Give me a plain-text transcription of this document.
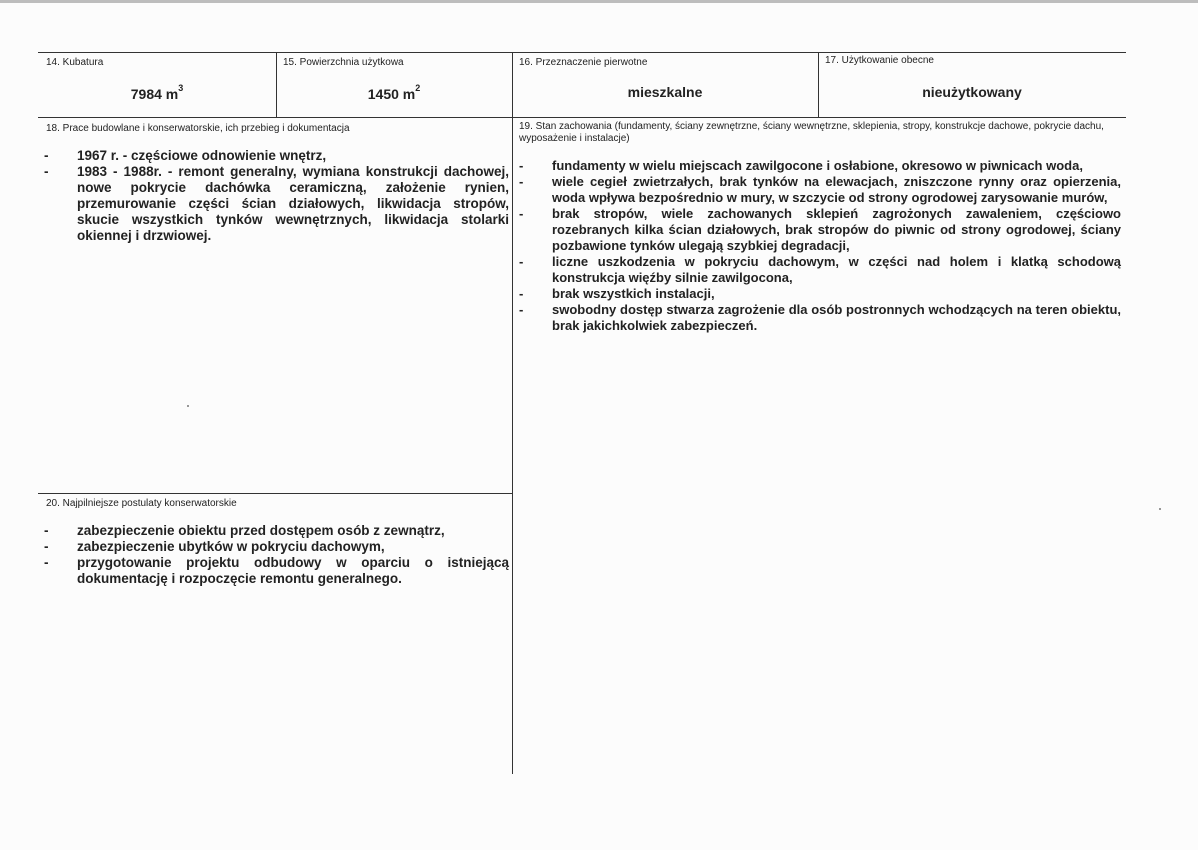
14. Kubatura
7984 $m^3$
15. Powierzchnia użytkowa
1450 $m^2$
16. Przeznaczenie pierwotne
mieszkalne
17. Użytkowanie obecne
nieużytkowany
18. Prace budowlane i konserwatorskie, ich przebieg i dokumentacja
- 1967 r. - częściowe odnowienie wnętrz,
- 1983 - 1988r. - remont generalny, wymiana konstrukcji dachowej, nowe pokrycie dachówka ceramiczną, założenie rynien, przemurowanie części ścian działowych, likwidacja stropów, skucie wszystkich tynków wewnętrznych, likwidacja stolarki okiennej i drzwiowej.
19. Stan zachowania (fundamenty, ściany zewnętrzne, ściany wewnętrzne, sklepienia, stropy, konstrukcje dachowe, pokrycie dachu, wyposażenie i instalacje)
- fundamenty w wielu miejscach zawilgocone i osłabione, okresowo w piwnicach woda,
- wiele cegieł zwietrzałych, brak tynków na elewacjach, zniszczone rynny oraz opierzenia, woda wpływa bezpośrednio w mury, w szczycie od strony ogrodowej zarysowanie murów,
- brak stropów, wiele zachowanych sklepień zagrożonych zawaleniem, częściowo rozebranych kilka ścian działowych, brak stropów do piwnic od strony ogrodowej, ściany pozbawione tynków ulegają szybkiej degradacji,
- liczne uszkodzenia w pokryciu dachowym, w części nad holem i klatką schodową konstrukcja więźby silnie zawilgocona,
- brak wszystkich instalacji,
- swobodny dostęp stwarza zagrożenie dla osób postronnych wchodzących na teren obiektu, brak jakichkolwiek zabezpieczeń.
20. Najpilniejsze postulaty konserwatorskie
- zabezpieczenie obiektu przed dostępem osób z zewnątrz,
- zabezpieczenie ubytków w pokryciu dachowym,
- przygotowanie projektu odbudowy w oparciu o istniejącą dokumentację i rozpoczęcie remontu generalnego.
